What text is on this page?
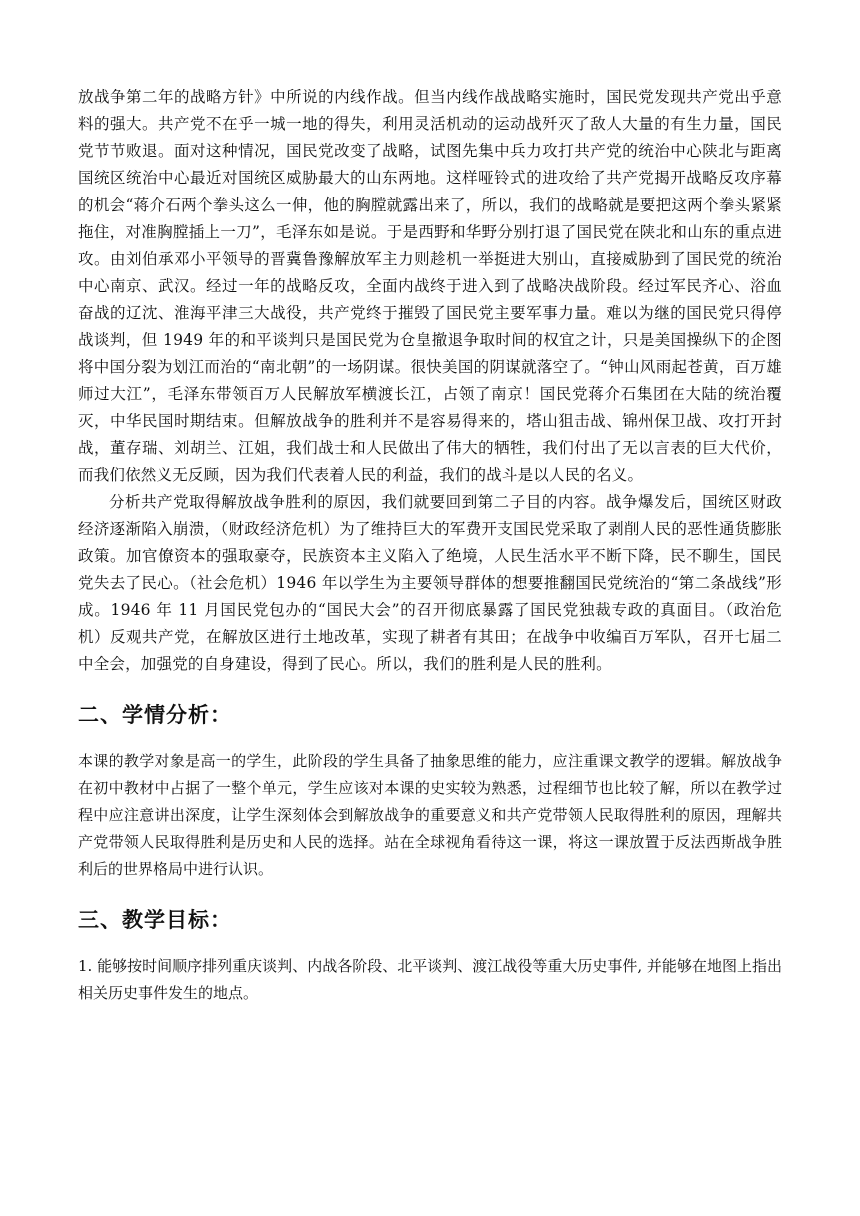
放战争第二年的战略方针》中所说的内线作战。但当内线作战战略实施时，国民党发现共产党出乎意料的强大。共产党不在乎一城一地的得失，利用灵活机动的运动战歼灭了敌人大量的有生力量，国民党节节败退。面对这种情况，国民党改变了战略，试图先集中兵力攻打共产党的统治中心陕北与距离国统区统治中心最近对国统区威胁最大的山东两地。这样哑铃式的进攻给了共产党揭开战略反攻序幕的机会“蒋介石两个拳头这么一伸，他的胸膛就露出来了，所以，我们的战略就是要把这两个拳头紧紧拖住，对准胸膛插上一刀”，毛泽东如是说。于是西野和华野分别打退了国民党在陕北和山东的重点进攻。由刘伯承邓小平领导的晋冀鲁豫解放军主力则趁机一举挺进大别山，直接威胁到了国民党的统治中心南京、武汉。经过一年的战略反攻，全面内战终于进入到了战略决战阶段。经过军民齐心、浴血奋战的辽沈、淮海平津三大战役，共产党终于摧毁了国民党主要军事力量。难以为继的国民党只得停战谈判，但 1949 年的和平谈判只是国民党为仓皇撤退争取时间的权宜之计，只是美国操纵下的企图将中国分裂为划江而治的“南北朝”的一场阴谋。很快美国的阴谋就落空了。“钟山风雨起苍黄，百万雄师过大江”，毛泽东带领百万人民解放军横渡长江，占领了南京！国民党蒋介石集团在大陆的统治覆灭，中华民国时期结束。但解放战争的胜利并不是容易得来的，塔山狙击战、锦州保卫战、攻打开封战，董存瑞、刘胡兰、江姐，我们战士和人民做出了伟大的牺牲，我们付出了无以言表的巨大代价，而我们依然义无反顾，因为我们代表着人民的利益，我们的战斗是以人民的名义。

分析共产党取得解放战争胜利的原因，我们就要回到第二子目的内容。战争爆发后，国统区财政经济逐渐陷入崩溃，（财政经济危机）为了维持巨大的军费开支国民党采取了剥削人民的恶性通货膨胀政策。加官僚资本的强取豪夺，民族资本主义陷入了绝境，人民生活水平不断下降，民不聊生，国民党失去了民心。（社会危机）1946 年以学生为主要领导群体的想要推翻国民党统治的“第二条战线”形成。1946 年 11 月国民党包办的“国民大会”的召开彻底暴露了国民党独裁专政的真面目。（政治危机）反观共产党，在解放区进行土地改革，实现了耕者有其田；在战争中收编百万军队，召开七届二中全会，加强党的自身建设，得到了民心。所以，我们的胜利是人民的胜利。

二、学情分析：

本课的教学对象是高一的学生，此阶段的学生具备了抽象思维的能力，应注重课文教学的逻辑。解放战争在初中教材中占据了一整个单元，学生应该对本课的史实较为熟悉，过程细节也比较了解，所以在教学过程中应注意讲出深度，让学生深刻体会到解放战争的重要意义和共产党带领人民取得胜利的原因，理解共产党带领人民取得胜利是历史和人民的选择。站在全球视角看待这一课，将这一课放置于反法西斯战争胜利后的世界格局中进行认识。

三、教学目标：

1. 能够按时间顺序排列重庆谈判、内战各阶段、北平谈判、渡江战役等重大历史事件, 并能够在地图上指出相关历史事件发生的地点。
